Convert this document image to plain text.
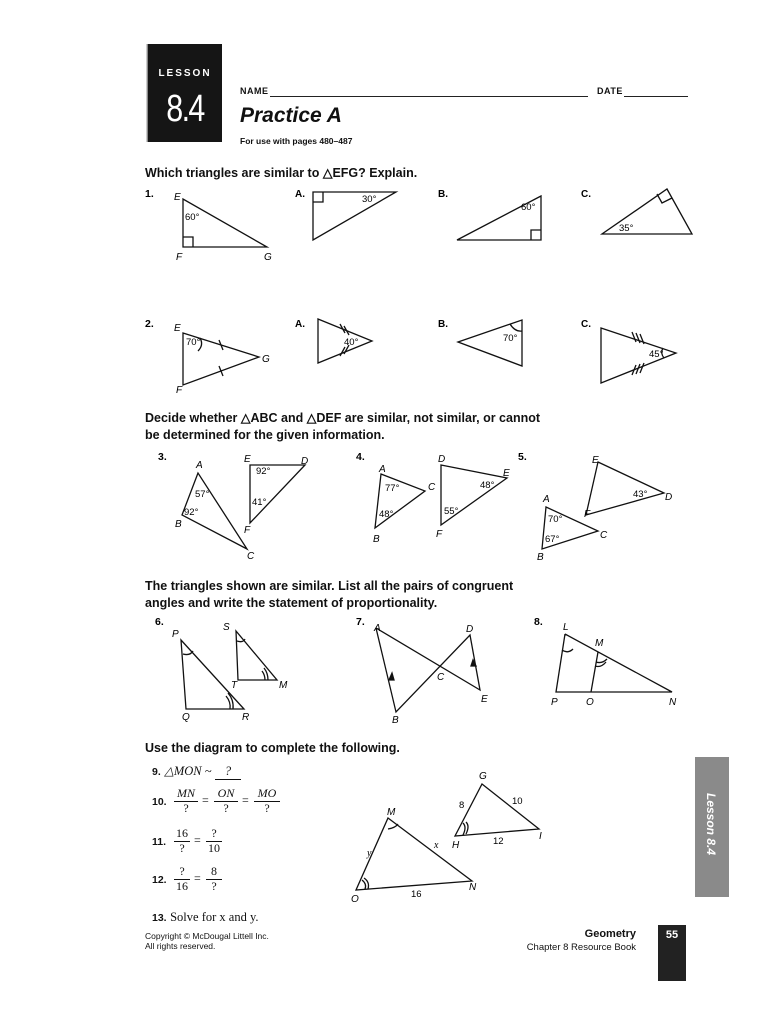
LESSON
8.4	NAME	DATE
Practice A
For use with pages 480–487
Which triangles are similar to △EFG? Explain.
Decide whether △ABC and △DEF are similar, not similar, or cannot
be determined for the given information.
The triangles shown are similar. List all the pairs of congruent
angles and write the statement of proportionality.
Use the diagram to complete the following.
1.	A.	B.	C.
E
F	G
60°
30°
60°
35°
2.	A.	B.	C.
E
F
G
70°	40°	70°
45°
3.
A
B
C
D
E
F
57°
92°
92°
41°
4.
A
B
C
D
E
F
77°
48°
48°
55°
5.
A
B
C
D
E
F
70°
67°
43°
6.
P
Q	R
S
T	M
7.
A
B
C
D
E
8. L
M
N
O
P
G
H
I
M
O
N
8	10
12
16
x
y
9. △MON ~ ?
10.
MN
?
= ON
?
= MO
?
11.
16
?
= ?
10
12.
?
16
= 8
?
13. Solve for x and y.
Copyright © McDougal Littell Inc.
All rights reserved.
Geometry
Chapter 8 Resource Book
55
Lesson 8.4
